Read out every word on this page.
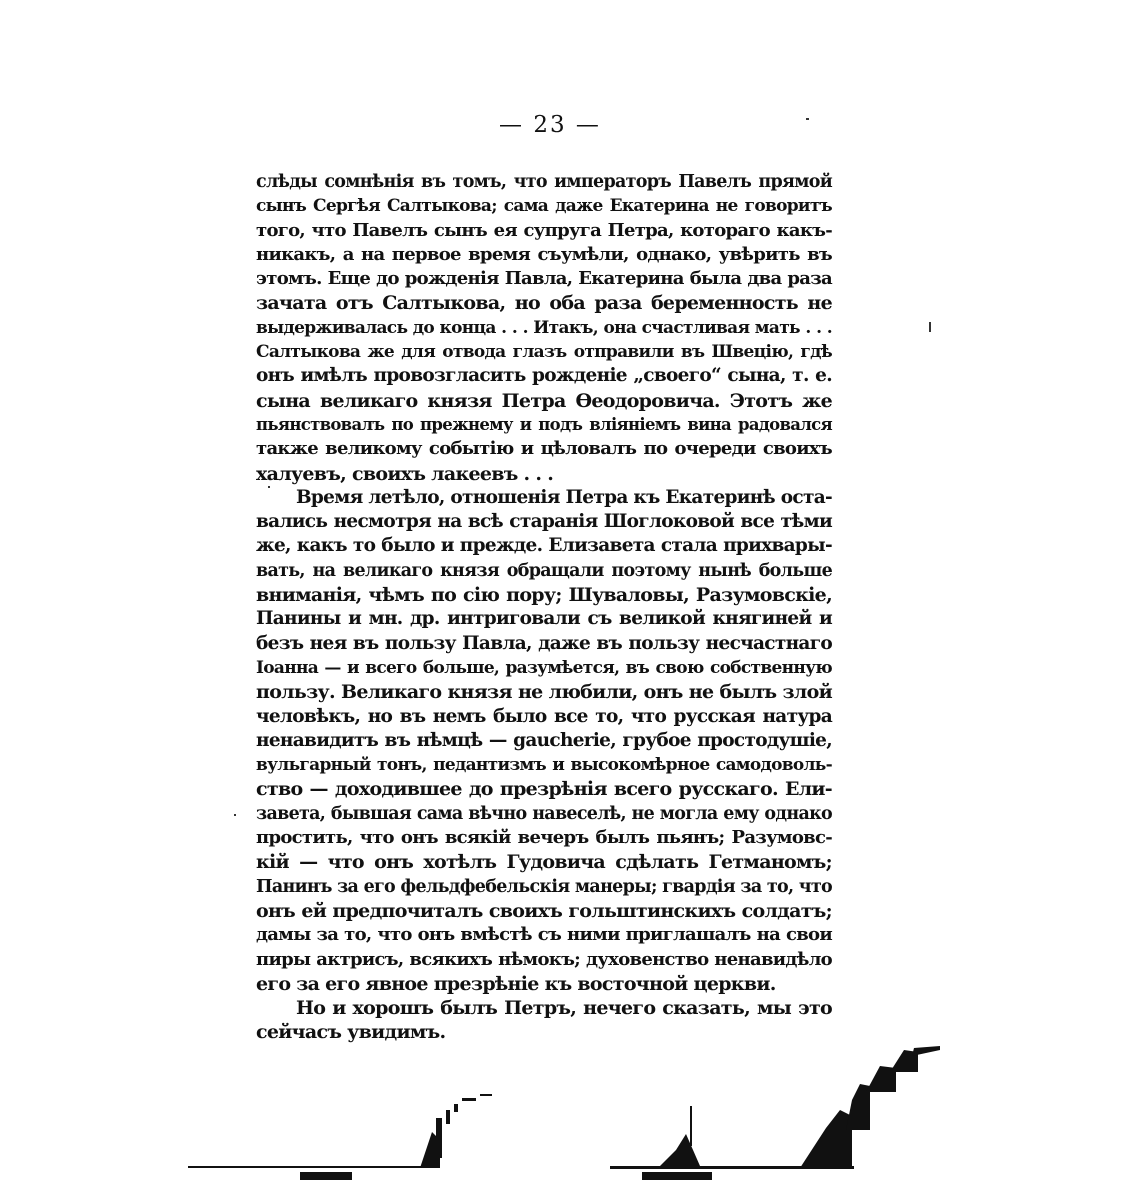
— 23 —
слѣды сомнѣнія въ томъ, что императоръ Павелъ прямой
сынъ Сергѣя Салтыкова; сама даже Екатерина не говоритъ
того, что Павелъ сынъ ея супруга Петра, котораго какъ-
никакъ, а на первое время съумѣли, однако, увѣрить въ
этомъ. Еще до рожденія Павла, Екатерина была два раза
зачата отъ Салтыкова, но оба раза беременность не
выдерживалась до конца . . . Итакъ, она счастливая мать . . .
Салтыкова же для отвода глазъ отправили въ Швецію, гдѣ
онъ имѣлъ провозгласить рожденіе „своего“ сына, т. е.
сына великаго князя Петра Ѳеодоровича. Этотъ же
пьянствовалъ по прежнему и подъ вліяніемъ вина радовался
также великому событію и цѣловалъ по очереди своихъ
халуевъ, своихъ лакеевъ . . .
Время летѣло, отношенія Петра къ Екатеринѣ оста-
вались несмотря на всѣ старанія Шоглоковой все тѣми
же, какъ то было и прежде. Елизавета стала прихвары-
вать, на великаго князя обращали поэтому нынѣ больше
вниманія, чѣмъ по сію пору; Шуваловы, Разумовскіе,
Панины и мн. др. интриговали съ великой княгиней и
безъ нея въ пользу Павла, даже въ пользу несчастнаго
Іоанна — и всего больше, разумѣется, въ свою собственную
пользу. Великаго князя не любили, онъ не былъ злой
человѣкъ, но въ немъ было все то, что русская натура
ненавидитъ въ нѣмцѣ — gaucherie, грубое простодушіе,
вульгарный тонъ, педантизмъ и высокомѣрное самодоволь-
ство — доходившее до презрѣнія всего русскаго. Ели-
завета, бывшая сама вѣчно навеселѣ, не могла ему однако
простить, что онъ всякій вечеръ былъ пьянъ; Разумовс-
кій — что онъ хотѣлъ Гудовича сдѣлать Гетманомъ;
Панинъ за его фельдфебельскія манеры; гвардія за то, что
онъ ей предпочиталъ своихъ гольштинскихъ солдатъ;
дамы за то, что онъ вмѣстѣ съ ними приглашалъ на свои
пиры актрисъ, всякихъ нѣмокъ; духовенство ненавидѣло
его за его явное презрѣніе къ восточной церкви.
Но и хорошъ былъ Петръ, нечего сказать, мы это
сейчасъ увидимъ.
